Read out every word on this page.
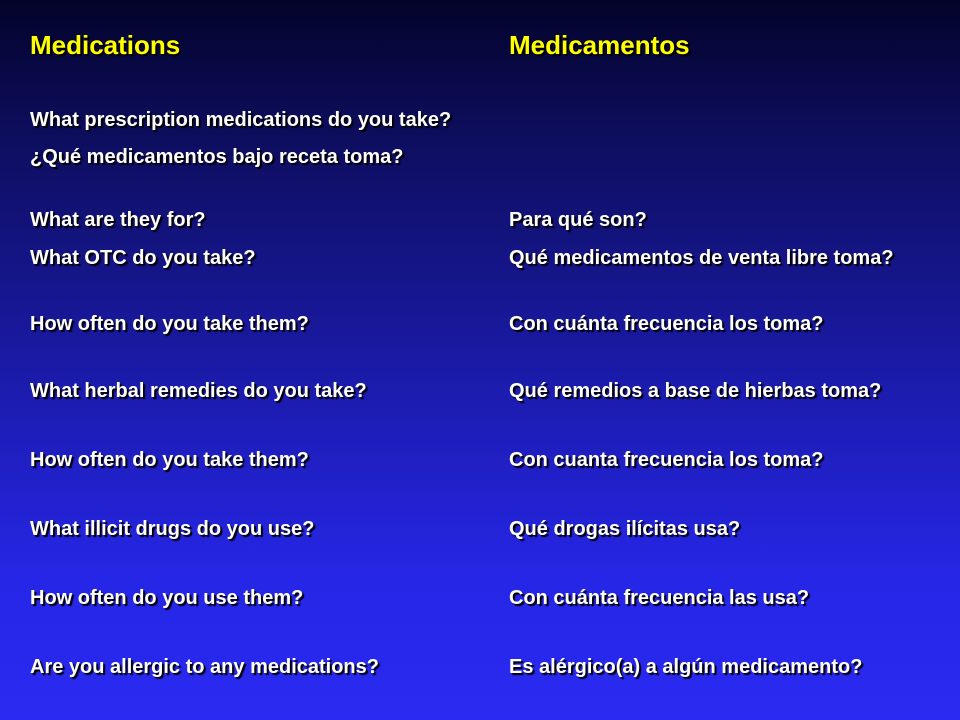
Medications	Medicamentos
What prescription medications do you take?
¿Qué medicamentos bajo receta toma?
What are they for?	Para qué son?
What OTC do you take?	Qué medicamentos de venta libre toma?
How often do you take them?	Con cuánta frecuencia los toma?
What herbal remedies do you take?	Qué remedios a base de hierbas toma?
How often do you take them?	Con cuanta frecuencia los toma?
What illicit drugs do you use?	Qué drogas ilícitas usa?
How often do you use them?	Con cuánta frecuencia las usa?
Are you allergic to any medications?	Es alérgico(a) a algún medicamento?
